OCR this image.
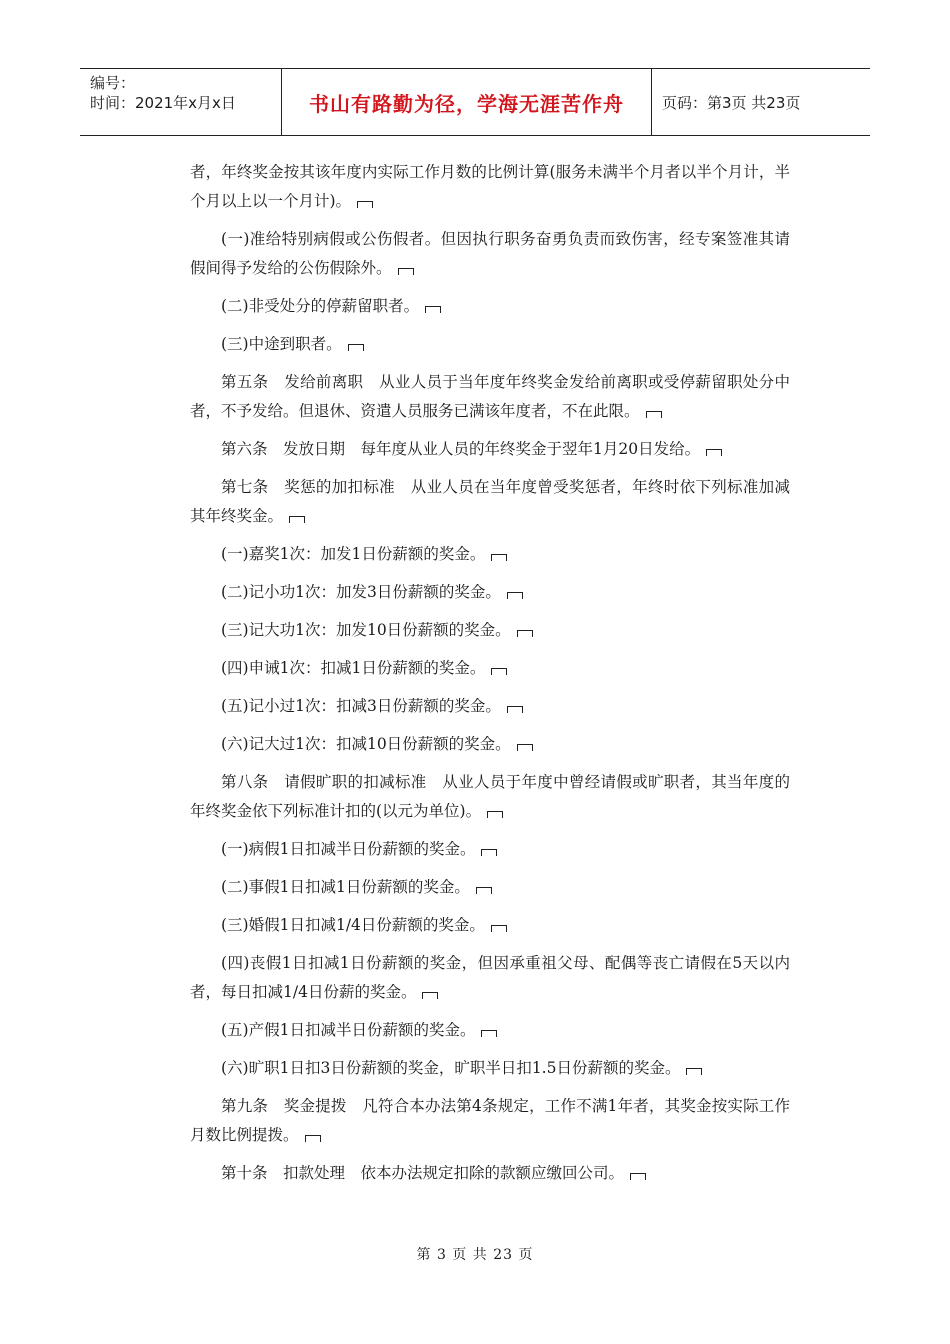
编号：
时间：2021年x月x日	书山有路勤为径，学海无涯苦作舟	页码：第3页 共23页

者，年终奖金按其该年度内实际工作月数的比例计算(服务未满半个月者以半个月计，半个月以上以一个月计)。

(一)准给特别病假或公伤假者。但因执行职务奋勇负责而致伤害，经专案签准其请假间得予发给的公伤假除外。

(二)非受处分的停薪留职者。

(三)中途到职者。

第五条　发给前离职　从业人员于当年度年终奖金发给前离职或受停薪留职处分中者，不予发给。但退休、资遣人员服务已满该年度者，不在此限。

第六条　发放日期　每年度从业人员的年终奖金于翌年1月20日发给。

第七条　奖惩的加扣标准　从业人员在当年度曾受奖惩者，年终时依下列标准加减其年终奖金。

(一)嘉奖1次：加发1日份薪额的奖金。

(二)记小功1次：加发3日份薪额的奖金。

(三)记大功1次：加发10日份薪额的奖金。

(四)申诫1次：扣减1日份薪额的奖金。

(五)记小过1次：扣减3日份薪额的奖金。

(六)记大过1次：扣减10日份薪额的奖金。

第八条　请假旷职的扣减标准　从业人员于年度中曾经请假或旷职者，其当年度的年终奖金依下列标准计扣的(以元为单位)。

(一)病假1日扣减半日份薪额的奖金。

(二)事假1日扣减1日份薪额的奖金。

(三)婚假1日扣减1/4日份薪额的奖金。

(四)丧假1日扣减1日份薪额的奖金，但因承重祖父母、配偶等丧亡请假在5天以内者，每日扣减1/4日份薪的奖金。

(五)产假1日扣减半日份薪额的奖金。

(六)旷职1日扣3日份薪额的奖金，旷职半日扣1.5日份薪额的奖金。

第九条　奖金提拨　凡符合本办法第4条规定，工作不满1年者，其奖金按实际工作月数比例提拨。

第十条　扣款处理　依本办法规定扣除的款额应缴回公司。

第 3 页 共 23 页
